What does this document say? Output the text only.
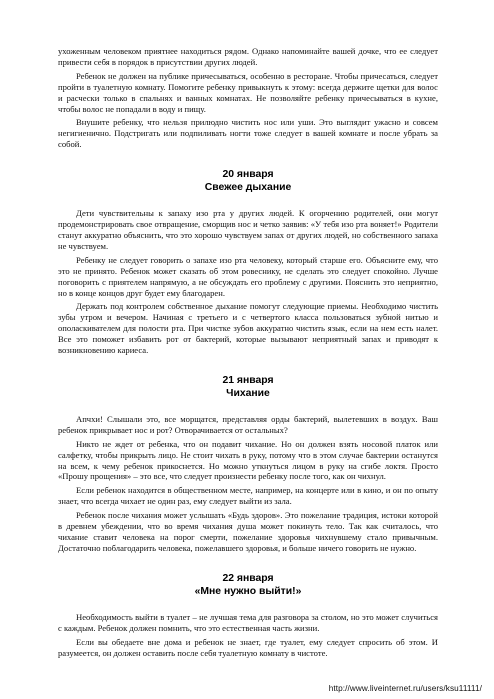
ухоженным человеком приятнее находиться рядом. Однако напоминайте вашей дочке, что ее следует привести себя в порядок в присутствии других людей.

Ребенок не должен на публике причесываться, особенно в ресторане. Чтобы причесаться, следует пройти в туалетную комнату. Помогите ребенку привыкнуть к этому: всегда держите щетки для волос и расчески только в спальнях и ванных комнатах. Не позволяйте ребенку причесываться в кухне, чтобы волос не попадали в воду и пищу.

Внушите ребенку, что нельзя прилюдно чистить нос или уши. Это выглядит ужасно и совсем негигиенично. Подстригать или подпиливать ногти тоже следует в вашей комнате и после убрать за собой.

20 января
Свежее дыхание

Дети чувствительны к запаху изо рта у других людей. К огорчению родителей, они могут продемонстрировать свое отвращение, сморщив нос и четко заявив: «У тебя изо рта воняет!» Родители станут аккуратно объяснить, что это хорошо чувствуем запах от других людей, но собственного запаха не чувствуем.

Ребенку не следует говорить о запахе изо рта человеку, который старше его. Объясните ему, что это не принято. Ребенок может сказать об этом ровеснику, не сделать это следует спокойно. Лучше поговорить с приятелем напрямую, а не обсуждать его проблему с другими. Пояснить это неприятно, но в конце концов друг будет ему благодарен.

Держать под контролем собственное дыхание помогут следующие приемы. Необходимо чистить зубы утром и вечером. Начиная с третьего и с четвертого класса пользоваться зубной нитью и ополаскивателем для полости рта. При чистке зубов аккуратно чистить язык, если на нем есть налет. Все это поможет избавить рот от бактерий, которые вызывают неприятный запах и приводят к возникновению кариеса.

21 января
Чихание

Апчхи! Слышали это, все морщатся, представляя орды бактерий, вылетевших в воздух. Ваш ребенок прикрывает нос и рот? Отворачивается от остальных?

Никто не ждет от ребенка, что он подавит чихание. Но он должен взять носовой платок или салфетку, чтобы прикрыть лицо. Не стоит чихать в руку, потому что в этом случае бактерии останутся на всем, к чему ребенок прикоснется. Но можно уткнуться лицом в руку на сгибе локтя. Просто «Прошу прощения» – это все, что следует произнести ребенку после того, как он чихнул.

Если ребенок находится в общественном месте, например, на концерте или в кино, и он по опыту знает, что всегда чихает не один раз, ему следует выйти из зала.

Ребенок после чихания может услышать «Будь здоров». Это пожелание традиция, истоки которой в древнем убеждении, что во время чихания душа может покинуть тело. Так как считалось, что чихание ставит человека на порог смерти, пожелание здоровья чихнувшему стало привычным. Достаточно поблагодарить человека, пожелавшего здоровья, и больше ничего говорить не нужно.

22 января
«Мне нужно выйти!»

Необходимость выйти в туалет – не лучшая тема для разговора за столом, но это может случиться с каждым. Ребенок должен помнить, что это естественная часть жизни.

Если вы обедаете вне дома и ребенок не знает, где туалет, ему следует спросить об этом. И разумеется, он должен оставить после себя туалетную комнату в чистоте.

http://www.liveinternet.ru/users/ksu11111/
